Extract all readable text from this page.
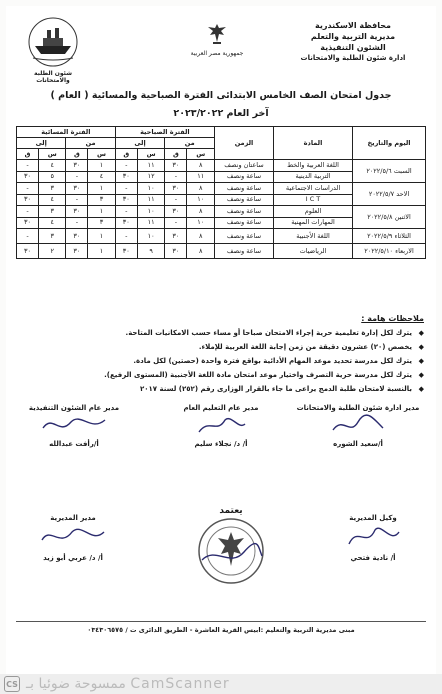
محافظة الاسكندرية
مديرية التربية والتعلم
الشئون التنفيذية
ادارة شئون الطلبة والامتحانات
جمهورية مصر العربية
شئون الطلبة والامتحانات
جدول امتحان الصف الخامس الابتدائى الفترة الصباحية والمسائية ( العام )
آخر العام ٢٠٢٣/٢٠٢٢
اليوم والتاريخ	المادة	الزمن	الفترة الصباحية				الفترة المسائية			
			من		إلى		من		إلى	
			س	ق	س	ق	س	ق	س	ق
السبت ٢٠٢٢/٥/٦	اللغة العربية والخط	ساعتان ونصف	٨	٣٠	١١	-	١	٣٠	٤	-
	التربية الدينية	ساعة ونصف	١١	-	١٢	٣٠	٤	-	٥	٣٠
الاحد ٢٠٢٢/٥/٧	الدراسات الاجتماعية	ساعة ونصف	٨	٣٠	١٠	-	١	٣٠	٣	-
	I C T	ساعة ونصف	١٠	-	١١	٣٠	٣	-	٤	٣٠
الاثنين ٢٠٢٢/٥/٨	العلوم	ساعة ونصف	٨	٣٠	١٠	-	١	٣٠	٣	-
	المهارات المهنية	ساعة ونصف	١٠	-	١١	٣٠	٣	-	٤	٣٠
الثلاثاء ٢٠٢٢/٥/٩	اللغة الأجنبية	ساعة ونصف	٨	٣٠	١٠	-	١	٣٠	٣	-
الاربعاء ٢٠٢٢/٥/١٠	الرياضيات	ساعة ونصف	٨	٣٠	٩	٣٠	١	٣٠	٢	٣٠
ملاحظات هامة :
◆
يترك لكل إدارة تعليمية حرية إجراء الامتحان صباحا أو مساء حسب الامكانيات المتاحة.
◆
يخصص (٢٠) عشرون دقيقة من زمن إجابة اللغة العربية للإملاء.
◆
يترك لكل مدرسة تحديد موعد المهام الأدائية بواقع فترة واحدة (حصتين) لكل مادة.
◆
يترك لكل مدرسة حرية التصرف واختيار موعد امتحان مادة اللغة الأجنبية (المستوى الرفيع).
◆
بالنسبة لامتحان طلبة الدمج يراعى ما جاء بالقرار الوزارى رقم (٢٥٢) لسنة ٢٠١٧
مدير ادارة شئون الطلبة والامتحانات
أ/سعيد الشوره
مدير عام التعليم العام
أ/ د/ نجلاء سليم
مدير عام الشئون التنفيذية
أ/رأفت عبدالله
وكيل المديرية
أ/ نادية فتحي
يعتمد
مدير المديرية
أ/ د/ عربي أبو زيد
مبنى مديرية التربية والتعليم :ابيس القرية العاشرة - الطريق الدائرى ت / ٠٣٤٣٠٦٥٧٥
CS ممسوحة ضوئيا بـ CamScanner
